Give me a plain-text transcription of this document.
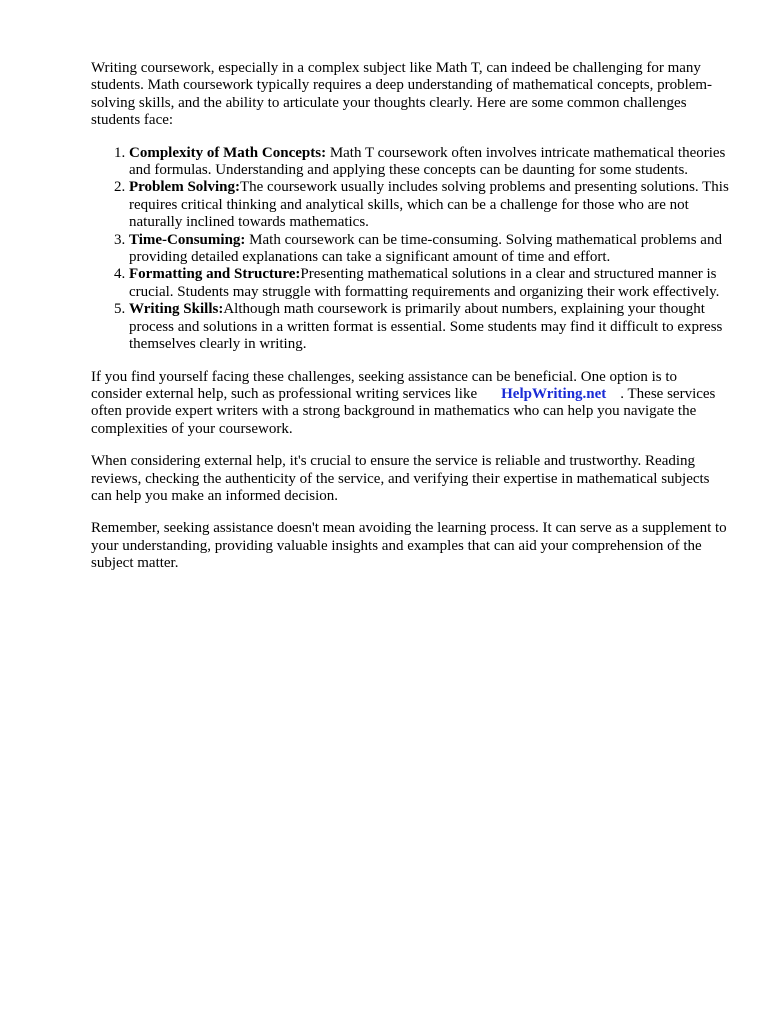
Writing coursework, especially in a complex subject like Math T, can indeed be challenging for many students. Math coursework typically requires a deep understanding of mathematical concepts, problem-solving skills, and the ability to articulate your thoughts clearly. Here are some common challenges students face:

1. Complexity of Math Concepts: Math T coursework often involves intricate mathematical theories and formulas. Understanding and applying these concepts can be daunting for some students.
2. Problem Solving:The coursework usually includes solving problems and presenting solutions. This requires critical thinking and analytical skills, which can be a challenge for those who are not naturally inclined towards mathematics.
3. Time-Consuming: Math coursework can be time-consuming. Solving mathematical problems and providing detailed explanations can take a significant amount of time and effort.
4. Formatting and Structure:Presenting mathematical solutions in a clear and structured manner is crucial. Students may struggle with formatting requirements and organizing their work effectively.
5. Writing Skills:Although math coursework is primarily about numbers, explaining your thought process and solutions in a written format is essential. Some students may find it difficult to express themselves clearly in writing.

If you find yourself facing these challenges, seeking assistance can be beneficial. One option is to consider external help, such as professional writing services like HelpWriting.net . These services often provide expert writers with a strong background in mathematics who can help you navigate the complexities of your coursework.

When considering external help, it's crucial to ensure the service is reliable and trustworthy. Reading reviews, checking the authenticity of the service, and verifying their expertise in mathematical subjects can help you make an informed decision.

Remember, seeking assistance doesn't mean avoiding the learning process. It can serve as a supplement to your understanding, providing valuable insights and examples that can aid your comprehension of the subject matter.
